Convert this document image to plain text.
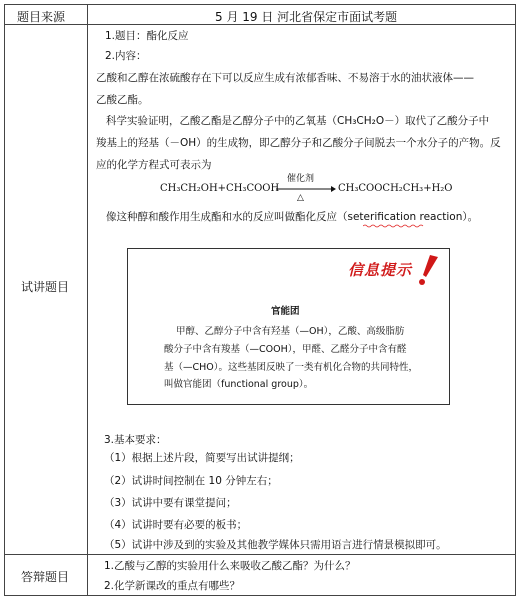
题目来源	5 月 19 日 河北省保定市面试考题
试讲题目
答辩题目
1.题目：酯化反应
2.内容：
乙酸和乙醇在浓硫酸存在下可以反应生成有浓郁香味、不易溶于水的油状液体——
乙酸乙酯。
科学实验证明，乙酸乙酯是乙醇分子中的乙氧基（CH₃CH₂O－）取代了乙酸分子中
羧基上的羟基（－OH）的生成物，即乙醇分子和乙酸分子间脱去一个水分子的产物。反
应的化学方程式可表示为
CH₃CH₂OH+CH₃COOH
催化剂
△
CH₃COOCH₂CH₃+H₂O
像这种醇和酸作用生成酯和水的反应叫做酯化反应（seterification reaction）。
信息提示
官能团
甲醇、乙醇分子中含有羟基（—OH），乙酸、高级脂肪
酸分子中含有羧基（—COOH），甲醛、乙醛分子中含有醛
基（—CHO）。这些基团反映了一类有机化合物的共同特性，
叫做官能团（functional group）。
3.基本要求：
（1）根据上述片段，简要写出试讲提纲；
（2）试讲时间控制在 10 分钟左右；
（3）试讲中要有课堂提问；
（4）试讲时要有必要的板书；
（5）试讲中涉及到的实验及其他教学媒体只需用语言进行情景模拟即可。
1.乙酸与乙醇的实验用什么来吸收乙酸乙酯？为什么？
2.化学新课改的重点有哪些？
